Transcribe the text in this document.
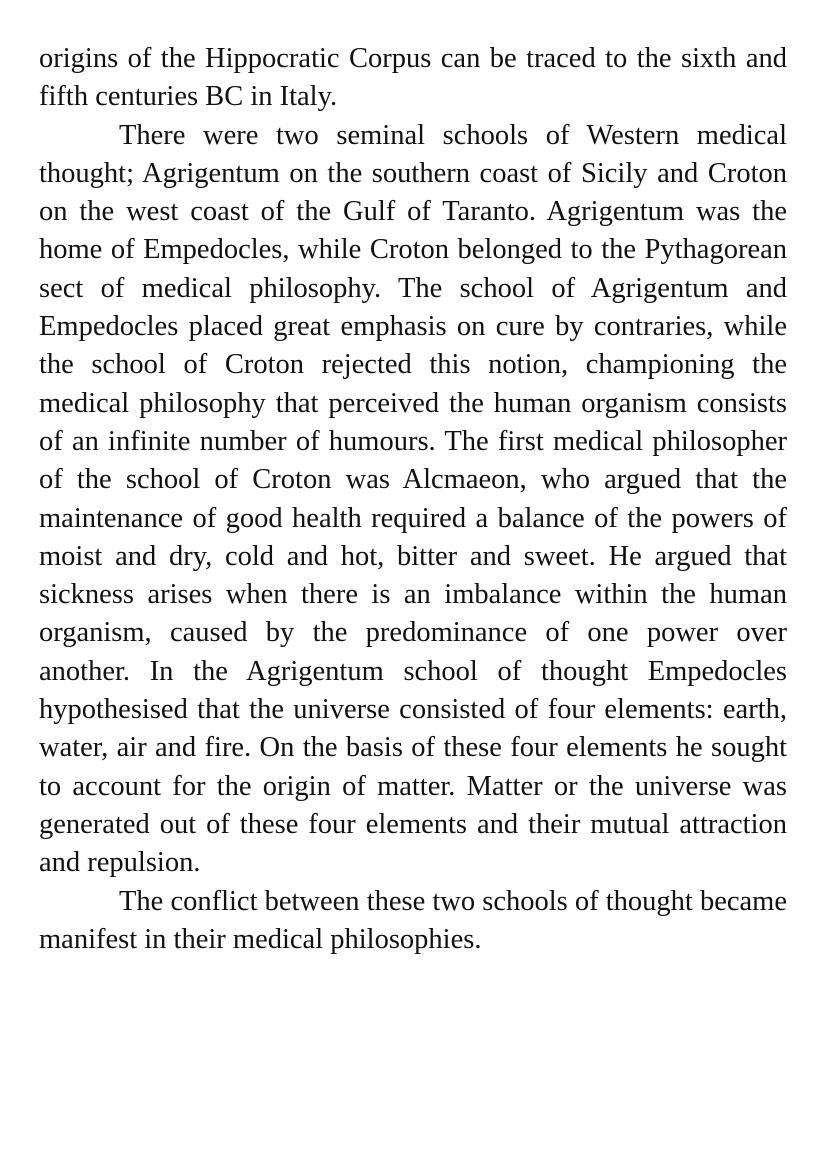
origins of the Hippocratic Corpus can be traced to the sixth and fifth centuries BC in Italy.

There were two seminal schools of Western medical thought; Agrigentum on the southern coast of Sicily and Croton on the west coast of the Gulf of Taranto. Agrigentum was the home of Empedocles, while Croton belonged to the Pythagorean sect of medical philosophy. The school of Agrigentum and Empedocles placed great emphasis on cure by contraries, while the school of Croton rejected this notion, championing the medical philosophy that perceived the human organism consists of an infinite number of humours. The first medical philosopher of the school of Croton was Alcmaeon, who argued that the maintenance of good health required a balance of the powers of moist and dry, cold and hot, bitter and sweet. He argued that sickness arises when there is an imbalance within the human organism, caused by the predominance of one power over another. In the Agrigentum school of thought Empedocles hypothesised that the universe consisted of four elements: earth, water, air and fire. On the basis of these four elements he sought to account for the origin of matter. Matter or the universe was generated out of these four elements and their mutual attraction and repulsion.

The conflict between these two schools of thought became manifest in their medical philosophies.
